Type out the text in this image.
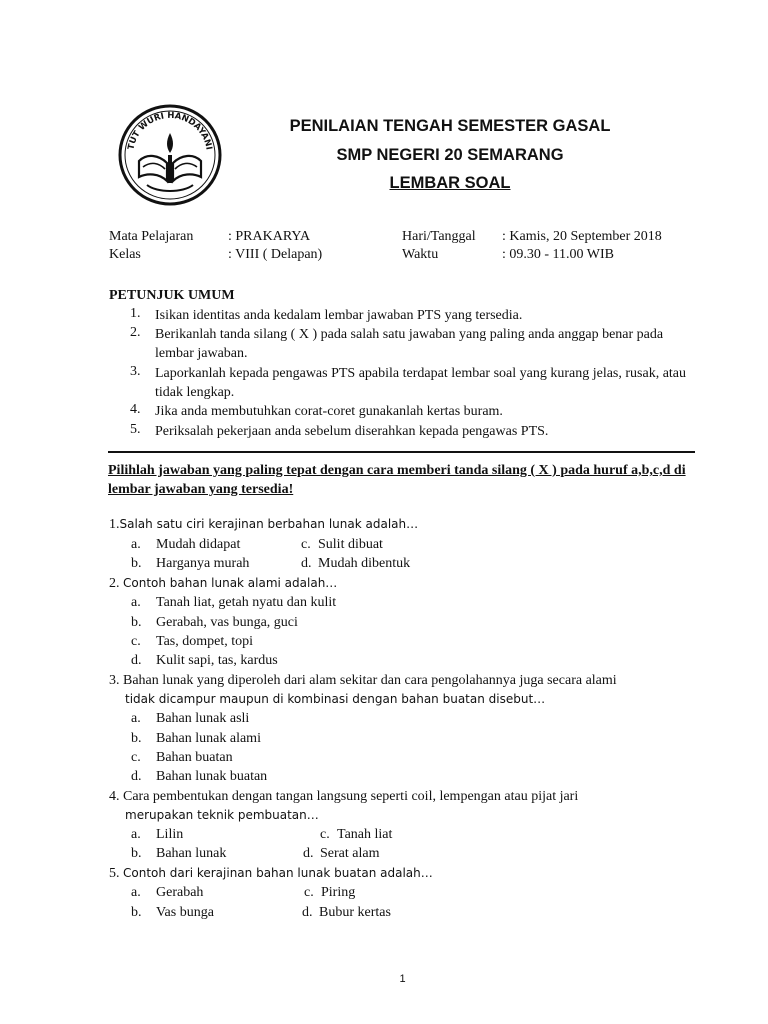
TUT WURI HANDAYANI
PENILAIAN TENGAH SEMESTER GASAL
SMP NEGERI 20 SEMARANG
LEMBAR SOAL
Mata Pelajaran : PRAKARYA	Hari/Tanggal : Kamis, 20 September 2018
Kelas	: VIII ( Delapan)	Waktu	: 09.30 - 11.00 WIB
PETUNJUK UMUM
1. Isikan identitas anda kedalam lembar jawaban PTS yang tersedia.
2. Berikanlah tanda silang ( X ) pada salah satu jawaban yang paling anda anggap benar pada lembar jawaban.
3. Laporkanlah kepada pengawas PTS apabila terdapat lembar soal yang kurang jelas, rusak, atau tidak lengkap.
4. Jika anda membutuhkan corat-coret gunakanlah kertas buram.
5. Periksalah pekerjaan anda sebelum diserahkan kepada pengawas PTS.
Pilihlah jawaban yang paling tepat dengan cara memberi tanda silang ( X ) pada huruf a,b,c,d di lembar jawaban yang tersedia!
1.Salah satu ciri kerajinan berbahan lunak adalah…
a. Mudah didapat	c. Sulit dibuat
b. Harganya murah	d. Mudah dibentuk
2. Contoh bahan lunak alami adalah…
a. Tanah liat, getah nyatu dan kulit
b. Gerabah, vas bunga, guci
c. Tas, dompet, topi
d. Kulit sapi, tas, kardus
3. Bahan lunak yang diperoleh dari alam sekitar dan cara pengolahannya juga secara alami
tidak dicampur maupun di kombinasi dengan bahan buatan disebut…
a. Bahan lunak asli
b. Bahan lunak alami
c. Bahan buatan
d. Bahan lunak buatan
4. Cara pembentukan dengan tangan langsung seperti coil, lempengan atau pijat jari
merupakan teknik pembuatan…
a. Lilin	c. Tanah liat
b. Bahan lunak	d. Serat alam
5. Contoh dari kerajinan bahan lunak buatan adalah…
a. Gerabah	c. Piring
b. Vas bunga	d. Bubur kertas
1
